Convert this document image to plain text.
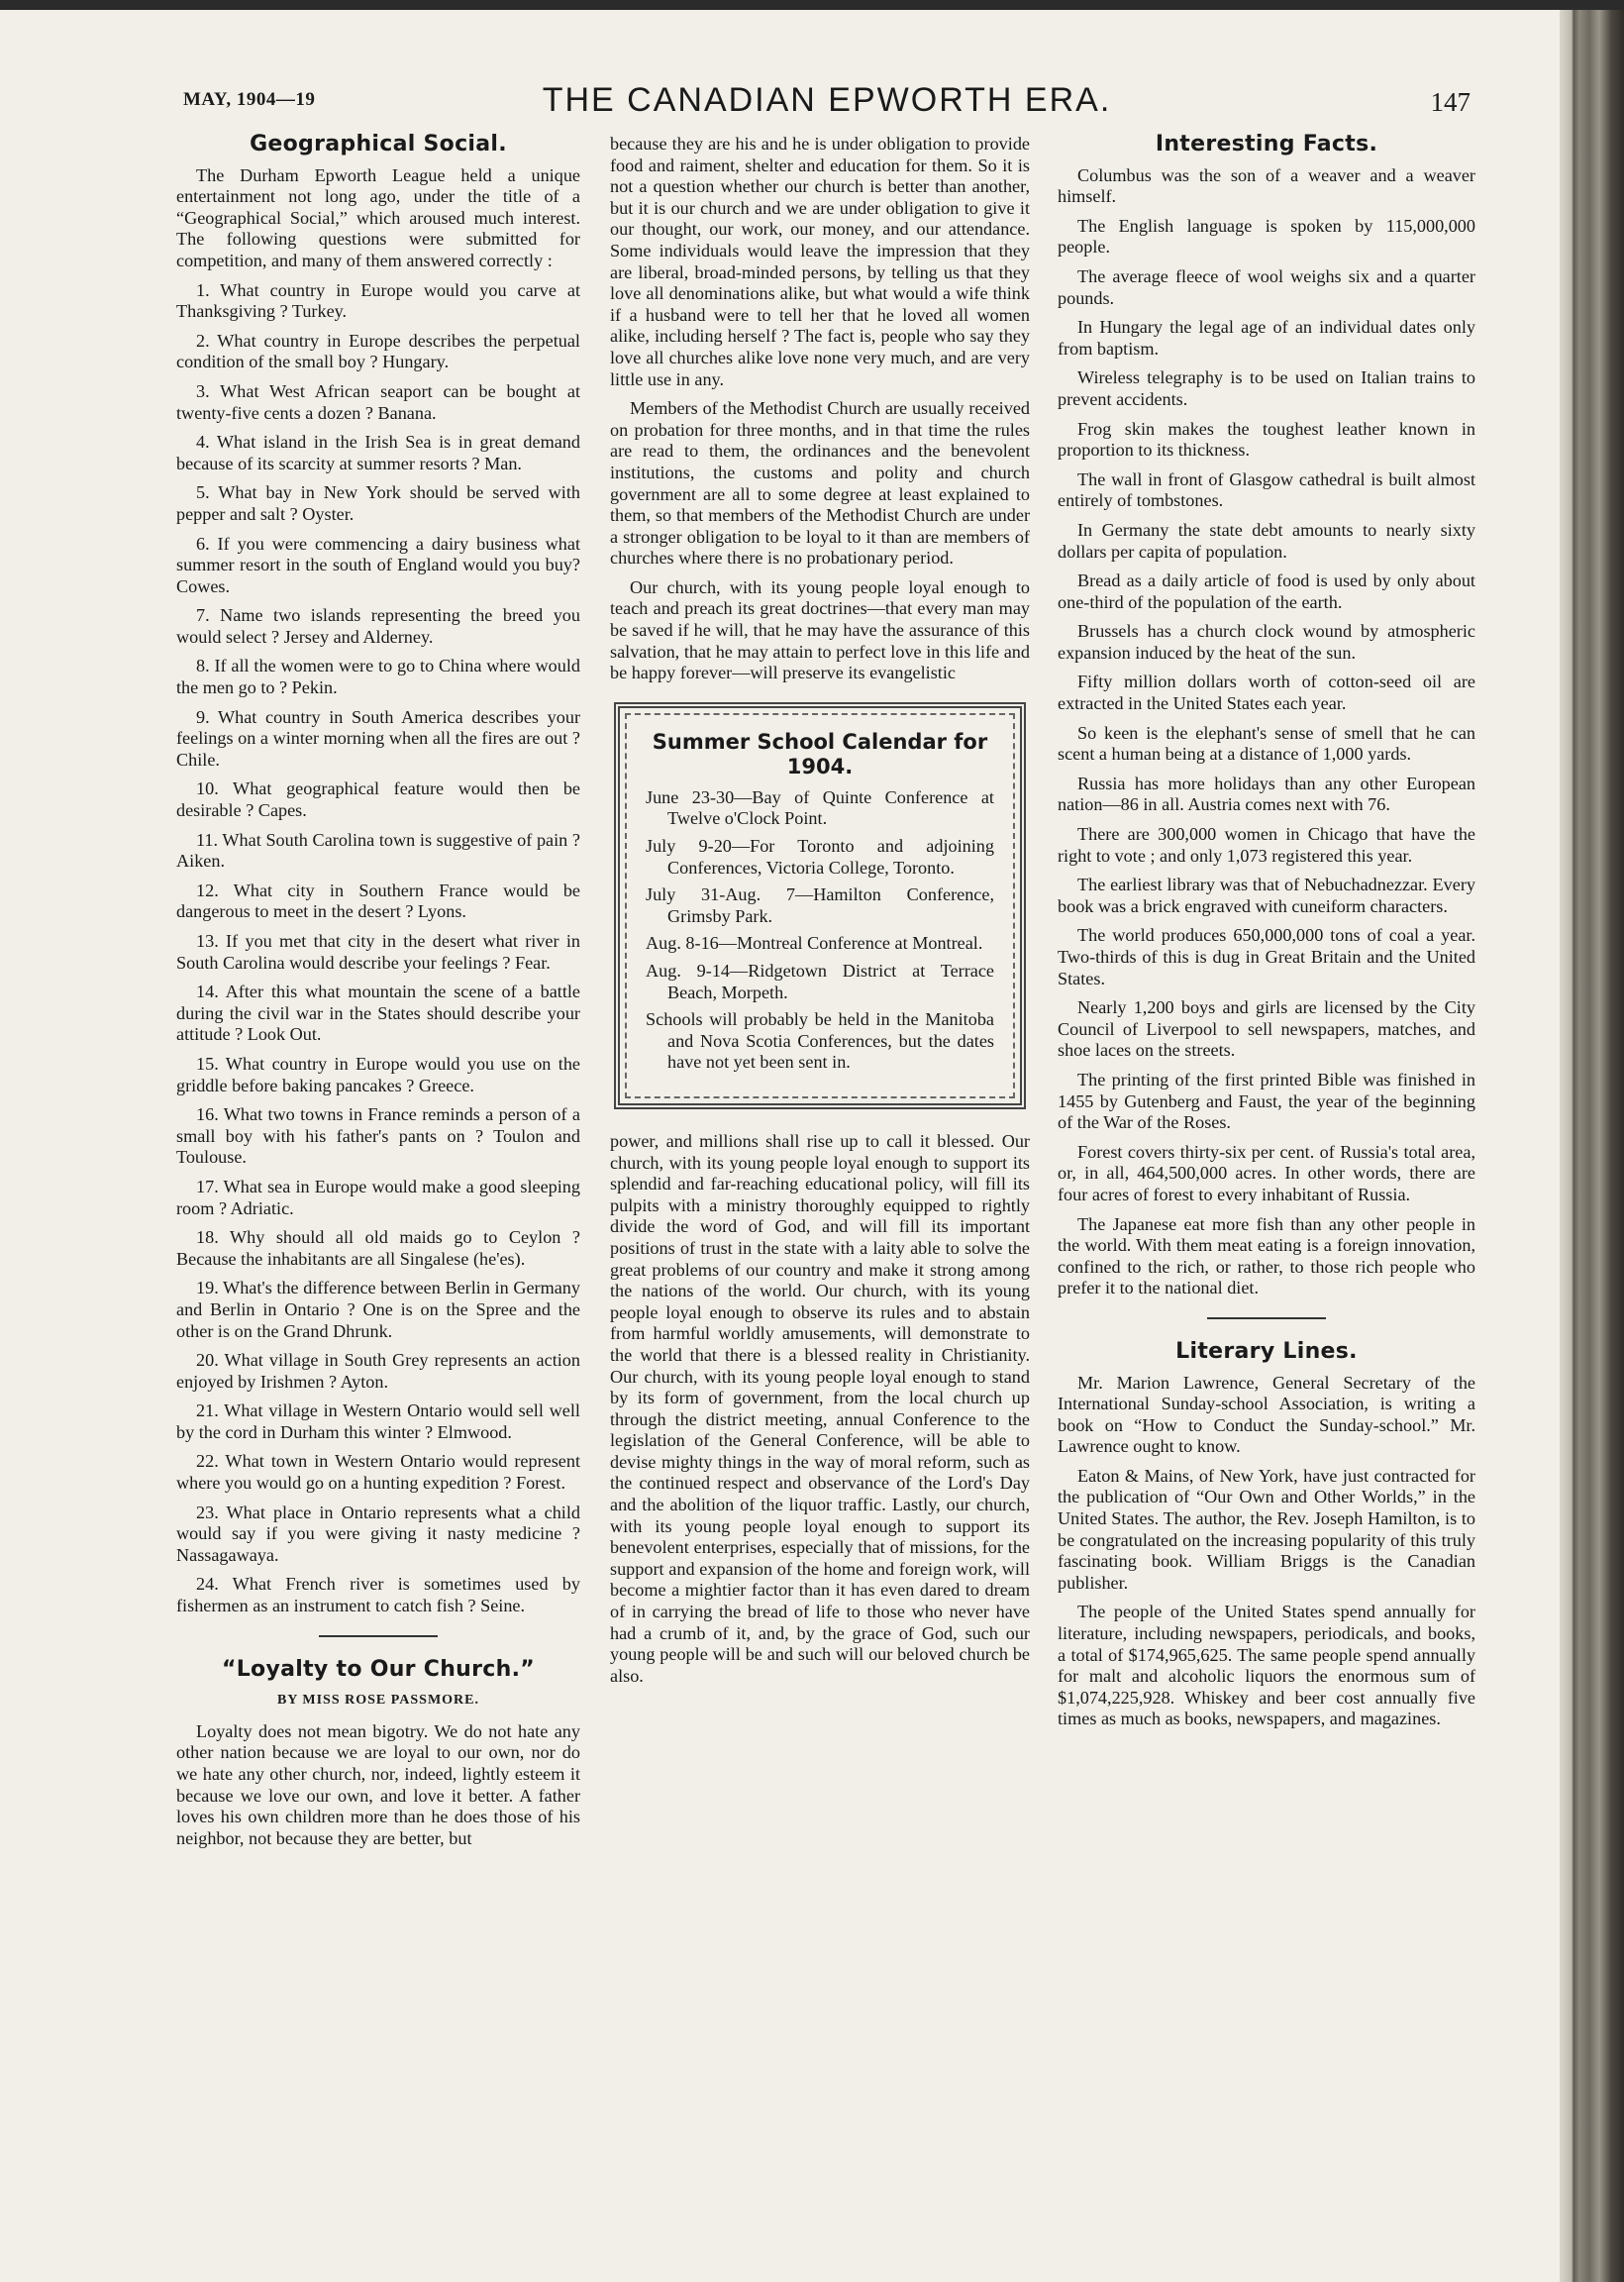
MAY, 1904—19	THE CANADIAN EPWORTH ERA.	147
Geographical Social.

The Durham Epworth League held a unique entertainment not long ago, under the title of a “Geographical Social,” which aroused much interest. The following questions were submitted for competition, and many of them answered correctly :

1. What country in Europe would you carve at Thanksgiving ? Turkey.

2. What country in Europe describes the perpetual condition of the small boy ? Hungary.

3. What West African seaport can be bought at twenty-five cents a dozen ? Banana.

4. What island in the Irish Sea is in great demand because of its scarcity at summer resorts ? Man.

5. What bay in New York should be served with pepper and salt ? Oyster.

6. If you were commencing a dairy business what summer resort in the south of England would you buy? Cowes.

7. Name two islands representing the breed you would select ? Jersey and Alderney.

8. If all the women were to go to China where would the men go to ? Pekin.

9. What country in South America describes your feelings on a winter morning when all the fires are out ? Chile.

10. What geographical feature would then be desirable ? Capes.

11. What South Carolina town is suggestive of pain ? Aiken.

12. What city in Southern France would be dangerous to meet in the desert ? Lyons.

13. If you met that city in the desert what river in South Carolina would describe your feelings ? Fear.

14. After this what mountain the scene of a battle during the civil war in the States should describe your attitude ? Look Out.

15. What country in Europe would you use on the griddle before baking pancakes ? Greece.

16. What two towns in France reminds a person of a small boy with his father's pants on ? Toulon and Toulouse.

17. What sea in Europe would make a good sleeping room ? Adriatic.

18. Why should all old maids go to Ceylon ? Because the inhabitants are all Singalese (he'es).

19. What's the difference between Berlin in Germany and Berlin in Ontario ? One is on the Spree and the other is on the Grand Dhrunk.

20. What village in South Grey represents an action enjoyed by Irishmen ? Ayton.

21. What village in Western Ontario would sell well by the cord in Durham this winter ? Elmwood.

22. What town in Western Ontario would represent where you would go on a hunting expedition ? Forest.

23. What place in Ontario represents what a child would say if you were giving it nasty medicine ? Nassagawaya.

24. What French river is sometimes used by fishermen as an instrument to catch fish ? Seine.

“Loyalty to Our Church.”
BY MISS ROSE PASSMORE.

Loyalty does not mean bigotry. We do not hate any other nation because we are loyal to our own, nor do we hate any other church, nor, indeed, lightly esteem it because we love our own, and love it better. A father loves his own children more than he does those of his neighbor, not because they are better, but

because they are his and he is under obligation to provide food and raiment, shelter and education for them. So it is not a question whether our church is better than another, but it is our church and we are under obligation to give it our thought, our work, our money, and our attendance. Some individuals would leave the impression that they are liberal, broad-minded persons, by telling us that they love all denominations alike, but what would a wife think if a husband were to tell her that he loved all women alike, including herself ? The fact is, people who say they love all churches alike love none very much, and are very little use in any.

Members of the Methodist Church are usually received on probation for three months, and in that time the rules are read to them, the ordinances and the benevolent institutions, the customs and polity and church government are all to some degree at least explained to them, so that members of the Methodist Church are under a stronger obligation to be loyal to it than are members of churches where there is no probationary period.

Our church, with its young people loyal enough to teach and preach its great doctrines—that every man may be saved if he will, that he may have the assurance of this salvation, that he may attain to perfect love in this life and be happy forever—will preserve its evangelistic

Summer School Calendar for 1904.
June 23-30—Bay of Quinte Conference at Twelve o'Clock Point.
July 9-20—For Toronto and adjoining Conferences, Victoria College, Toronto.
July 31-Aug. 7—Hamilton Conference, Grimsby Park.
Aug. 8-16—Montreal Conference at Montreal.
Aug. 9-14—Ridgetown District at Terrace Beach, Morpeth.
Schools will probably be held in the Manitoba and Nova Scotia Conferences, but the dates have not yet been sent in.

power, and millions shall rise up to call it blessed. Our church, with its young people loyal enough to support its splendid and far-reaching educational policy, will fill its pulpits with a ministry thoroughly equipped to rightly divide the word of God, and will fill its important positions of trust in the state with a laity able to solve the great problems of our country and make it strong among the nations of the world. Our church, with its young people loyal enough to observe its rules and to abstain from harmful worldly amusements, will demonstrate to the world that there is a blessed reality in Christianity. Our church, with its young people loyal enough to stand by its form of government, from the local church up through the district meeting, annual Conference to the legislation of the General Conference, will be able to devise mighty things in the way of moral reform, such as the continued respect and observance of the Lord's Day and the abolition of the liquor traffic. Lastly, our church, with its young people loyal enough to support its benevolent enterprises, especially that of missions, for the support and expansion of the home and foreign work, will become a mightier factor than it has even dared to dream of in carrying the bread of life to those who never have had a crumb of it, and, by the grace of God, such our young people will be and such will our beloved church be also.

Interesting Facts.

Columbus was the son of a weaver and a weaver himself.

The English language is spoken by 115,000,000 people.

The average fleece of wool weighs six and a quarter pounds.

In Hungary the legal age of an individual dates only from baptism.

Wireless telegraphy is to be used on Italian trains to prevent accidents.

Frog skin makes the toughest leather known in proportion to its thickness.

The wall in front of Glasgow cathedral is built almost entirely of tombstones.

In Germany the state debt amounts to nearly sixty dollars per capita of population.

Bread as a daily article of food is used by only about one-third of the population of the earth.

Brussels has a church clock wound by atmospheric expansion induced by the heat of the sun.

Fifty million dollars worth of cotton-seed oil are extracted in the United States each year.

So keen is the elephant's sense of smell that he can scent a human being at a distance of 1,000 yards.

Russia has more holidays than any other European nation—86 in all. Austria comes next with 76.

There are 300,000 women in Chicago that have the right to vote ; and only 1,073 registered this year.

The earliest library was that of Nebuchadnezzar. Every book was a brick engraved with cuneiform characters.

The world produces 650,000,000 tons of coal a year. Two-thirds of this is dug in Great Britain and the United States.

Nearly 1,200 boys and girls are licensed by the City Council of Liverpool to sell newspapers, matches, and shoe laces on the streets.

The printing of the first printed Bible was finished in 1455 by Gutenberg and Faust, the year of the beginning of the War of the Roses.

Forest covers thirty-six per cent. of Russia's total area, or, in all, 464,500,000 acres. In other words, there are four acres of forest to every inhabitant of Russia.

The Japanese eat more fish than any other people in the world. With them meat eating is a foreign innovation, confined to the rich, or rather, to those rich people who prefer it to the national diet.

Literary Lines.

Mr. Marion Lawrence, General Secretary of the International Sunday-school Association, is writing a book on “How to Conduct the Sunday-school.” Mr. Lawrence ought to know.

Eaton & Mains, of New York, have just contracted for the publication of “Our Own and Other Worlds,” in the United States. The author, the Rev. Joseph Hamilton, is to be congratulated on the increasing popularity of this truly fascinating book. William Briggs is the Canadian publisher.

The people of the United States spend annually for literature, including newspapers, periodicals, and books, a total of $174,965,625. The same people spend annually for malt and alcoholic liquors the enormous sum of $1,074,225,928. Whiskey and beer cost annually five times as much as books, newspapers, and magazines.
